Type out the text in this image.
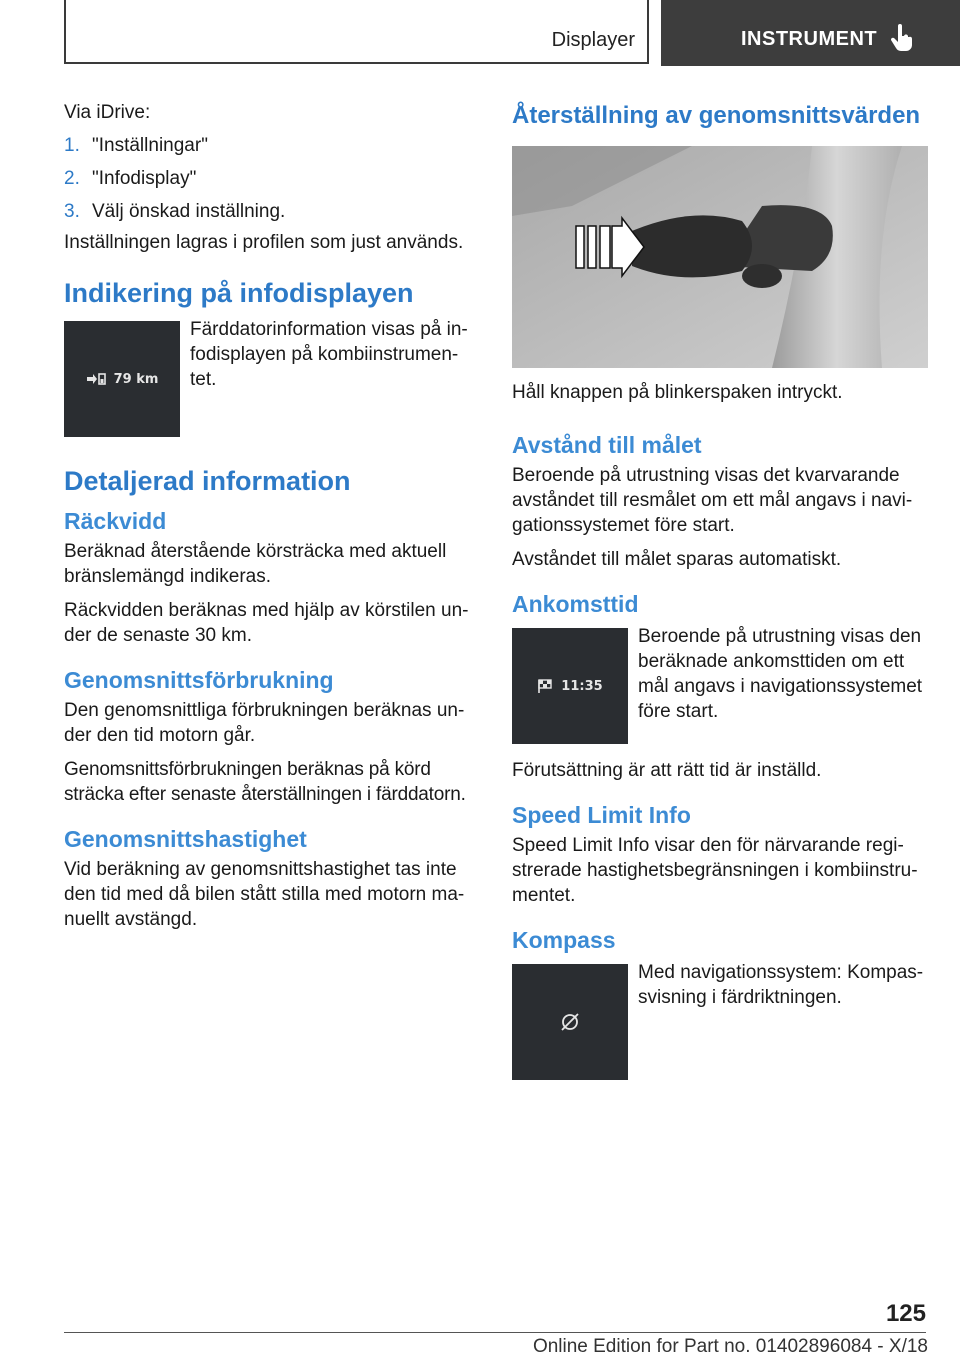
Displayer	INSTRUMENT

Via iDrive:

1. "Inställningar"
2. "Infodisplay"
3. Välj önskad inställning.

Inställningen lagras i profilen som just används.

Indikering på infodisplayen
79 km

Färddatorinformation visas på in-fodisplayen på kombiinstrumen-tet.

Detaljerad information
Räckvidd

Beräknad återstående körsträcka med aktuell bränslemängd indikeras.

Räckvidden beräknas med hjälp av körstilen un-der de senaste 30 km.

Genomsnittsförbrukning

Den genomsnittliga förbrukningen beräknas un-der den tid motorn går.

Genomsnittsförbrukningen beräknas på körd sträcka efter senaste återställningen i färddatorn.

Genomsnittshastighet

Vid beräkning av genomsnittshastighet tas inte den tid med då bilen stått stilla med motorn ma-nuellt avstängd.

Återställning av genomsnittsvärden

Håll knappen på blinkerspaken intryckt.

Avstånd till målet

Beroende på utrustning visas det kvarvarande avståndet till resmålet om ett mål angavs i navi-gationssystemet före start.

Avståndet till målet sparas automatiskt.

Ankomsttid
11:35

Beroende på utrustning visas den beräknade ankomsttiden om ett mål angavs i navigationssystemet före start.

Förutsättning är att rätt tid är inställd.

Speed Limit Info

Speed Limit Info visar den för närvarande regi-strerade hastighetsbegränsningen i kombiinstru-mentet.

Kompass

Med navigationssystem: Kompas-svisning i färdriktningen.

125
Online Edition for Part no. 01402896084 - X/18
